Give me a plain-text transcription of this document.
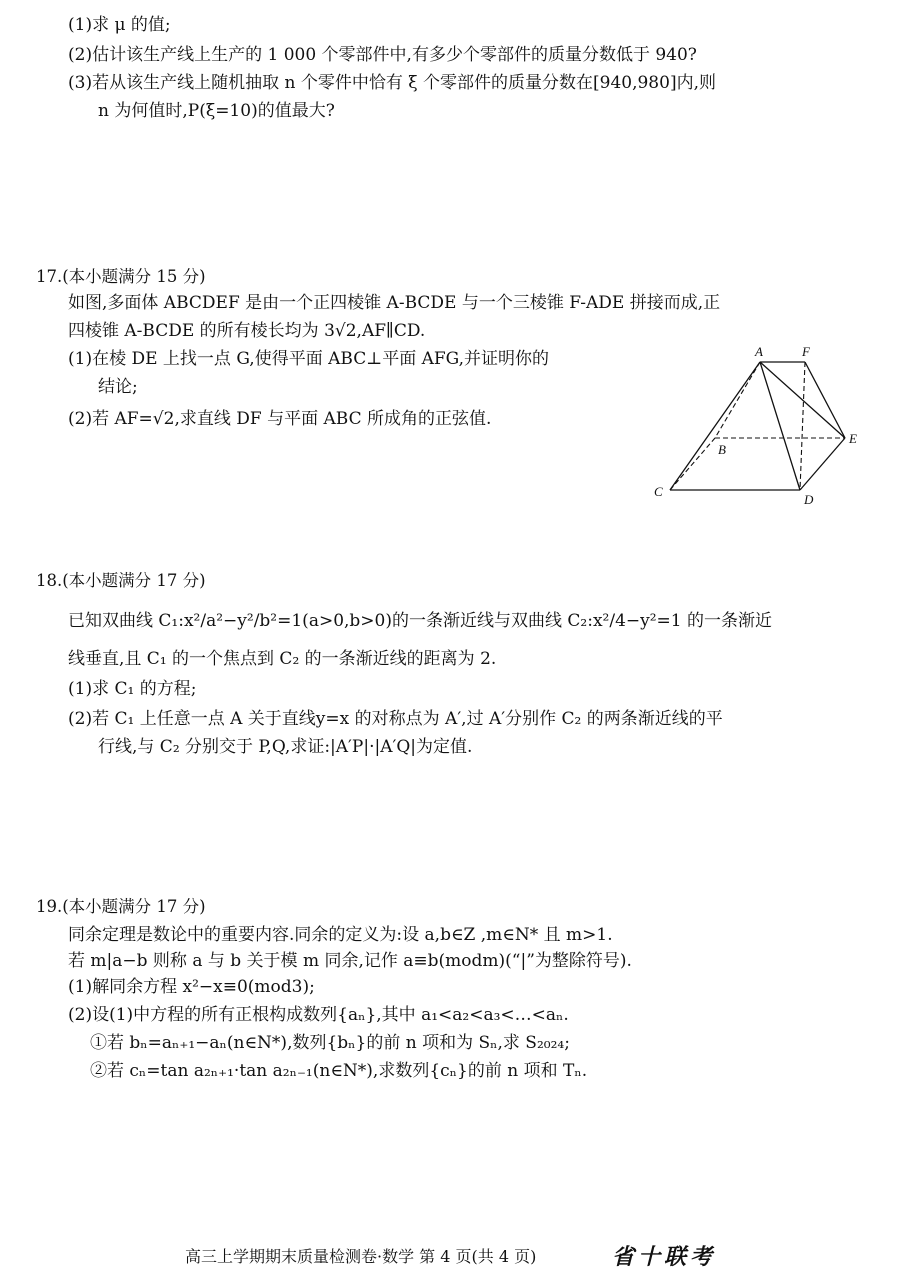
(1)求 μ 的值;
(2)估计该生产线上生产的 1 000 个零部件中,有多少个零部件的质量分数低于 940?
(3)若从该生产线上随机抽取 n 个零件中恰有 ξ 个零部件的质量分数在[940,980]内,则
n 为何值时,P(ξ=10)的值最大?
17.(本小题满分 15 分)
如图,多面体 ABCDEF 是由一个正四棱锥 A-BCDE 与一个三棱锥 F-ADE 拼接而成,正
四棱锥 A-BCDE 的所有棱长均为 3√2,AF∥CD.
(1)在棱 DE 上找一点 G,使得平面 ABC⊥平面 AFG,并证明你的
结论;
(2)若 AF=√2,求直线 DF 与平面 ABC 所成角的正弦值.
A	F
B
C
D
E
18.(本小题满分 17 分)
已知双曲线 C₁:x²/a²−y²/b²=1(a>0,b>0)的一条渐近线与双曲线 C₂:x²/4−y²=1 的一条渐近
线垂直,且 C₁ 的一个焦点到 C₂ 的一条渐近线的距离为 2.
(1)求 C₁ 的方程;
(2)若 C₁ 上任意一点 A 关于直线y=x 的对称点为 A′,过 A′分别作 C₂ 的两条渐近线的平
行线,与 C₂ 分别交于 P,Q,求证:|A′P|·|A′Q|为定值.
19.(本小题满分 17 分)
同余定理是数论中的重要内容.同余的定义为:设 a,b∈Z ,m∈N* 且 m>1.
若 m|a−b 则称 a 与 b 关于模 m 同余,记作 a≡b(modm)(“|”为整除符号).
(1)解同余方程 x²−x≡0(mod3);
(2)设(1)中方程的所有正根构成数列{aₙ},其中 a₁<a₂<a₃<…<aₙ.
①若 bₙ=aₙ₊₁−aₙ(n∈N*),数列{bₙ}的前 n 项和为 Sₙ,求 S₂₀₂₄;
②若 cₙ=tan a₂ₙ₊₁·tan a₂ₙ₋₁(n∈N*),求数列{cₙ}的前 n 项和 Tₙ.
高三上学期期末质量检测卷·数学 第 4 页(共 4 页)	省十联考
